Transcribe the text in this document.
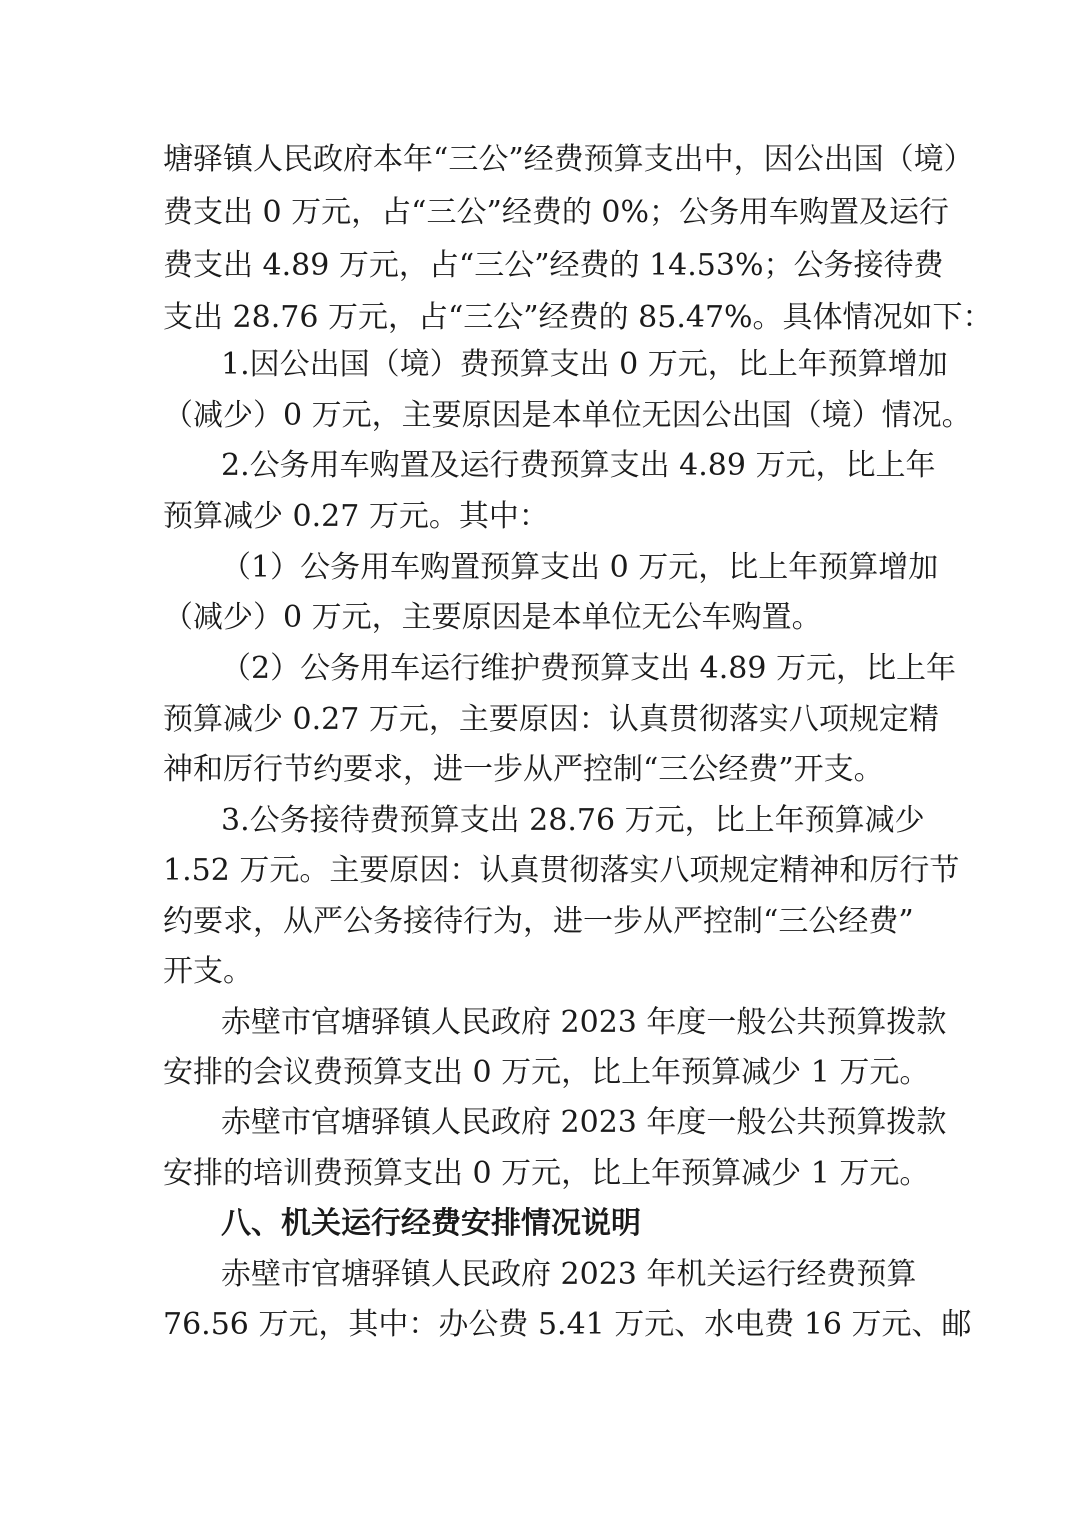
塘驿镇人民政府本年“三公”经费预算支出中，因公出国（境）
费支出 0 万元，占“三公”经费的 0%；公务用车购置及运行
费支出 4.89 万元，占“三公”经费的 14.53%；公务接待费
支出 28.76 万元，占“三公”经费的 85.47%。具体情况如下：
1.因公出国（境）费预算支出 0 万元，比上年预算增加
（减少）0 万元，主要原因是本单位无因公出国（境）情况。
2.公务用车购置及运行费预算支出 4.89 万元，比上年
预算减少 0.27 万元。其中：
（1）公务用车购置预算支出 0 万元，比上年预算增加
（减少）0 万元，主要原因是本单位无公车购置。
（2）公务用车运行维护费预算支出 4.89 万元，比上年
预算减少 0.27 万元，主要原因：认真贯彻落实八项规定精
神和厉行节约要求，进一步从严控制“三公经费”开支。
3.公务接待费预算支出 28.76 万元，比上年预算减少
1.52 万元。主要原因：认真贯彻落实八项规定精神和厉行节
约要求，从严公务接待行为，进一步从严控制“三公经费”
开支。
赤壁市官塘驿镇人民政府 2023 年度一般公共预算拨款
安排的会议费预算支出 0 万元，比上年预算减少 1 万元。
赤壁市官塘驿镇人民政府 2023 年度一般公共预算拨款
安排的培训费预算支出 0 万元，比上年预算减少 1 万元。
八、机关运行经费安排情况说明
赤壁市官塘驿镇人民政府 2023 年机关运行经费预算
76.56 万元，其中：办公费 5.41 万元、水电费 16 万元、邮
